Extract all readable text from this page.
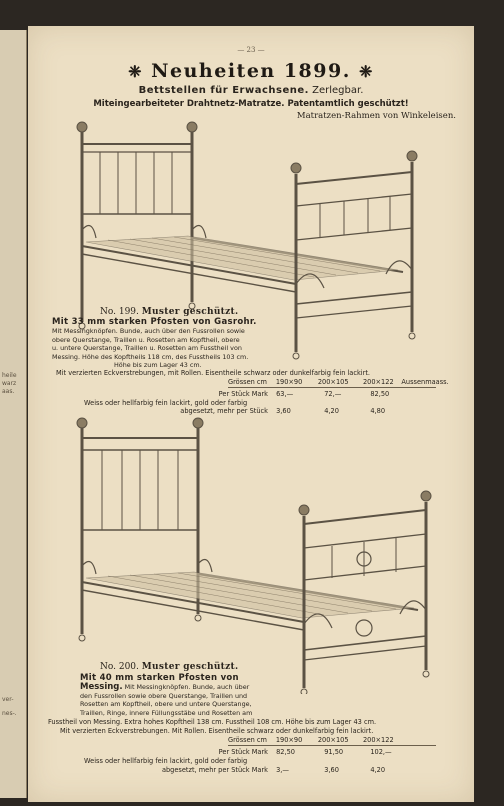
heile
warz
aas.
ver-
nes-.
— 23 —
❈ Neuheiten 1899. ❈
Bettstellen für Erwachsene. Zerlegbar.
Miteingearbeiteter Drahtnetz-Matratze. Patentamtlich geschützt!
Matratzen-Rahmen von Winkeleisen.
No. 199. Muster geschützt.
Mit 33 mm starken Pfosten von Gasrohr.
Mit Messingknöpfen. Bunde, auch über den Fussrollen sowie
obere Querstange, Traillen u. Rosetten am Kopftheil, obere
u. untere Querstange, Traillen u. Rosetten am Fusstheil von
Messing. Höhe des Kopftheils 118 cm, des Fusstheils 103 cm.
Höhe bis zum Lager 43 cm.
Mit verzierten Eckverstrebungen, mit Rollen. Eisentheile schwarz oder dunkelfarbig fein lackirt.
Grössen cm 190×90 200×105 200×122 Aussenmaass.
Per Stück Mark 63,—	72,—	82,50
Weiss oder hellfarbig fein lackirt, gold oder farbig
abgesetzt, mehr per Stück 3,60	4,20	4,80
No. 200. Muster geschützt.
Mit 40 mm starken Pfosten von
Messing. Mit Messingknöpfen. Bunde, auch über
den Fussrollen sowie obere Querstange, Traillen und
Rosetten am Kopftheil, obere und untere Querstange,
Traillen, Ringe, innere Füllungsstäbe und Rosetten am
Fusstheil von Messing. Extra hohes Kopftheil 138 cm. Fusstheil 108 cm. Höhe bis zum Lager 43 cm.
Mit verzierten Eckverstrebungen. Mit Rollen. Eisentheile schwarz oder dunkelfarbig fein lackirt.
Grössen cm 190×90 200×105 200×122
Per Stück Mark 82,50	91,50	102,—
Weiss oder hellfarbig fein lackirt, gold oder farbig
abgesetzt, mehr per Stück Mark 3,—	3,60	4,20
